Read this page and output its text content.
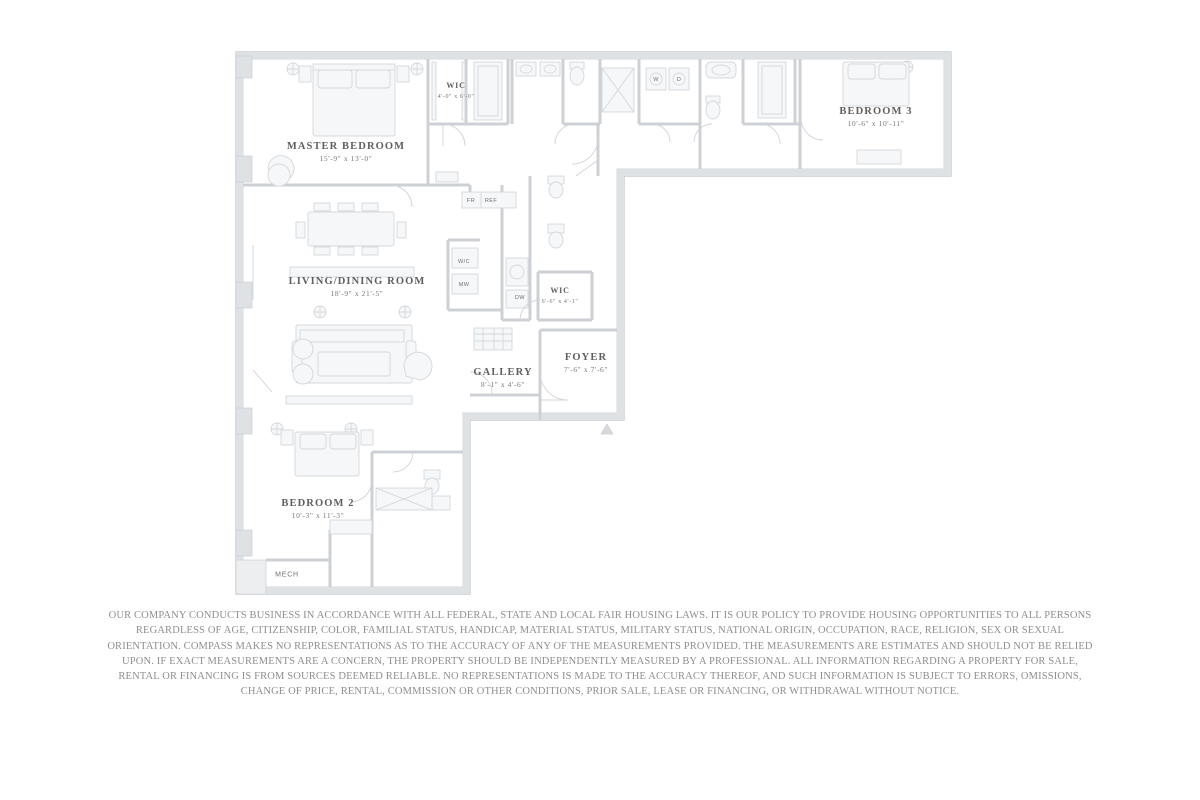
MASTER BEDROOM
15'-9" x 13'-0"
BEDROOM 3
10'-6" x 10'-11"
BEDROOM 2
10'-3" x 11'-3"
LIVING/DINING ROOM
18'-9" x 21'-5"
GALLERY
8'-1" x 4'-6"
FOYER
7'-6" x 7'-6"
WIC
4'-0" x 6'-0"
WIC
6'-6" x 4'-1"
FR REF
W/C
MW
DW
W	D
MECH
OUR COMPANY CONDUCTS BUSINESS IN ACCORDANCE WITH ALL FEDERAL, STATE AND LOCAL FAIR HOUSING LAWS. IT IS OUR POLICY TO PROVIDE HOUSING OPPORTUNITIES TO ALL PERSONS REGARDLESS OF AGE, CITIZENSHIP, COLOR, FAMILIAL STATUS, HANDICAP, MATERIAL STATUS, MILITARY STATUS, NATIONAL ORIGIN, OCCUPATION, RACE, RELIGION, SEX OR SEXUAL ORIENTATION. COMPASS MAKES NO REPRESENTATIONS AS TO THE ACCURACY OF ANY OF THE MEASUREMENTS PROVIDED. THE MEASUREMENTS ARE ESTIMATES AND SHOULD NOT BE RELIED UPON. IF EXACT MEASUREMENTS ARE A CONCERN, THE PROPERTY SHOULD BE INDEPENDENTLY MEASURED BY A PROFESSIONAL. ALL INFORMATION REGARDING A PROPERTY FOR SALE, RENTAL OR FINANCING IS FROM SOURCES DEEMED RELIABLE. NO REPRESENTATIONS IS MADE TO THE ACCURACY THEREOF, AND SUCH INFORMATION IS SUBJECT TO ERRORS, OMISSIONS, CHANGE OF PRICE, RENTAL, COMMISSION OR OTHER CONDITIONS, PRIOR SALE, LEASE OR FINANCING, OR WITHDRAWAL WITHOUT NOTICE.
